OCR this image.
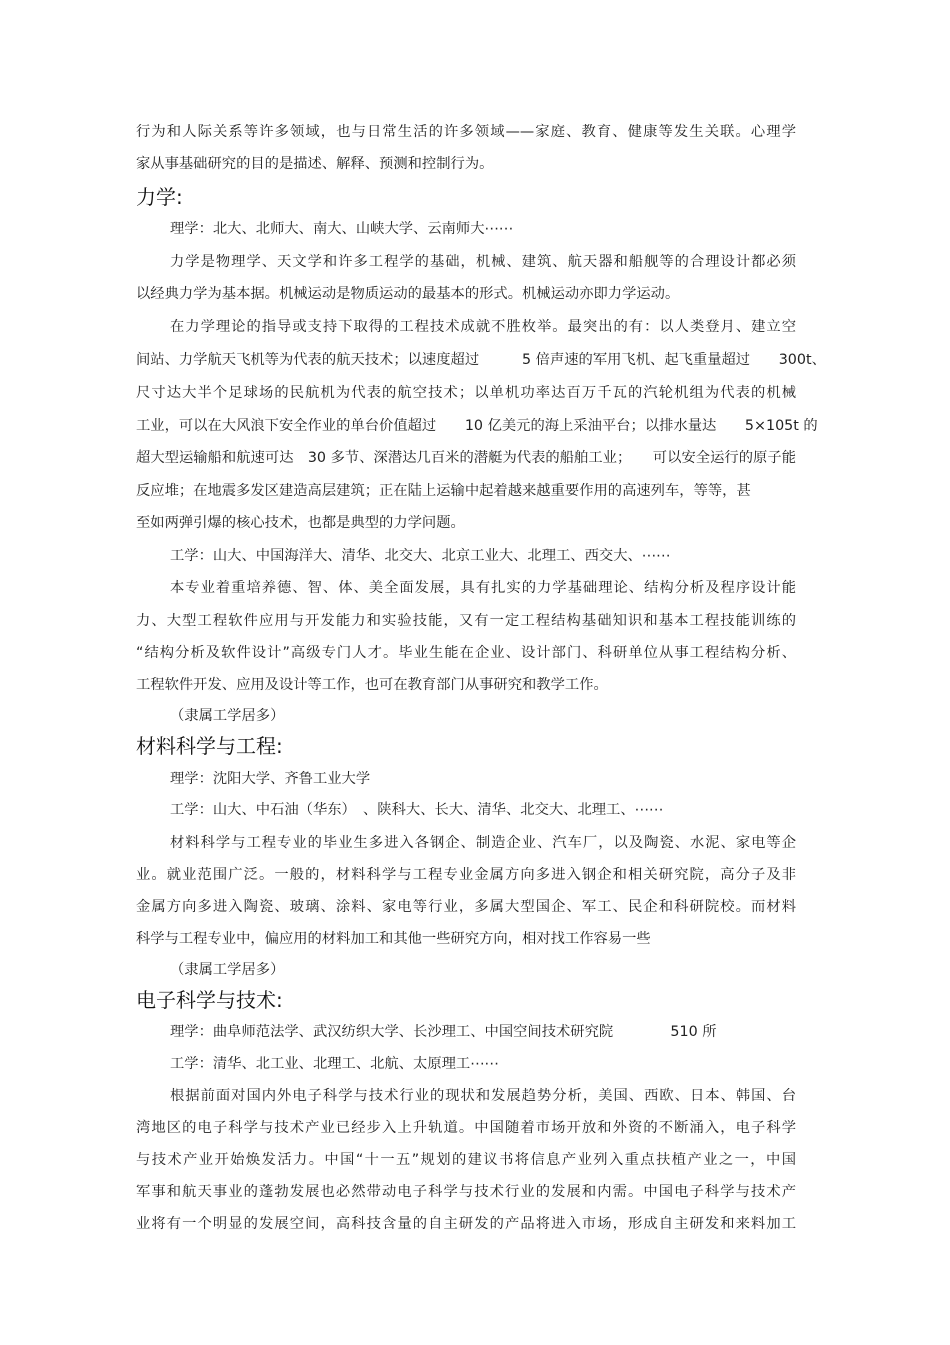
行为和人际关系等许多领域，也与日常生活的许多领域——家庭、教育、健康等发生关联。心理学
家从事基础研究的目的是描述、解释、预测和控制行为。
力学:
理学：北大、北师大、南大、山峡大学、云南师大⋯⋯
力学是物理学、天文学和许多工程学的基础，机械、建筑、航天器和船舰等的合理设计都必须
以经典力学为基本据。机械运动是物质运动的最基本的形式。机械运动亦即力学运动。
在力学理论的指导或支持下取得的工程技术成就不胜枚举。最突出的有：以人类登月、建立空
间站、力学航天飞机等为代表的航天技术；以速度超过　　　5 倍声速的军用飞机、起飞重量超过　　300t、
尺寸达大半个足球场的民航机为代表的航空技术；以单机功率达百万千瓦的汽轮机组为代表的机械
工业，可以在大风浪下安全作业的单台价值超过　　10 亿美元的海上采油平台；以排水量达　　5×105t 的
超大型运输船和航速可达　30 多节、深潜达几百米的潜艇为代表的船舶工业；　　可以安全运行的原子能
反应堆；在地震多发区建造高层建筑；正在陆上运输中起着越来越重要作用的高速列车，等等，甚
至如两弹引爆的核心技术，也都是典型的力学问题。
工学：山大、中国海洋大、清华、北交大、北京工业大、北理工、西交大、⋯⋯
本专业着重培养德、智、体、美全面发展，具有扎实的力学基础理论、结构分析及程序设计能
力、大型工程软件应用与开发能力和实验技能，又有一定工程结构基础知识和基本工程技能训练的
“结构分析及软件设计”高级专门人才。毕业生能在企业、设计部门、科研单位从事工程结构分析、
工程软件开发、应用及设计等工作，也可在教育部门从事研究和教学工作。
（隶属工学居多）
材料科学与工程:
理学：沈阳大学、齐鲁工业大学
工学：山大、中石油（华东）　、陕科大、长大、清华、北交大、北理工、⋯⋯
材料科学与工程专业的毕业生多进入各钢企、制造企业、汽车厂，以及陶瓷、水泥、家电等企
业。就业范围广泛。一般的，材料科学与工程专业金属方向多进入钢企和相关研究院，高分子及非
金属方向多进入陶瓷、玻璃、涂料、家电等行业，多属大型国企、军工、民企和科研院校。而材料
科学与工程专业中，偏应用的材料加工和其他一些研究方向，相对找工作容易一些
（隶属工学居多）
电子科学与技术:
理学：曲阜师范法学、武汉纺织大学、长沙理工、中国空间技术研究院　　　　510 所
工学：清华、北工业、北理工、北航、太原理工⋯⋯
根据前面对国内外电子科学与技术行业的现状和发展趋势分析，美国、西欧、日本、韩国、台
湾地区的电子科学与技术产业已经步入上升轨道。中国随着市场开放和外资的不断涌入，电子科学
与技术产业开始焕发活力。中国“十一五”规划的建议书将信息产业列入重点扶植产业之一，中国
军事和航天事业的蓬勃发展也必然带动电子科学与技术行业的发展和内需。中国电子科学与技术产
业将有一个明显的发展空间，高科技含量的自主研发的产品将进入市场，形成自主研发和来料加工
